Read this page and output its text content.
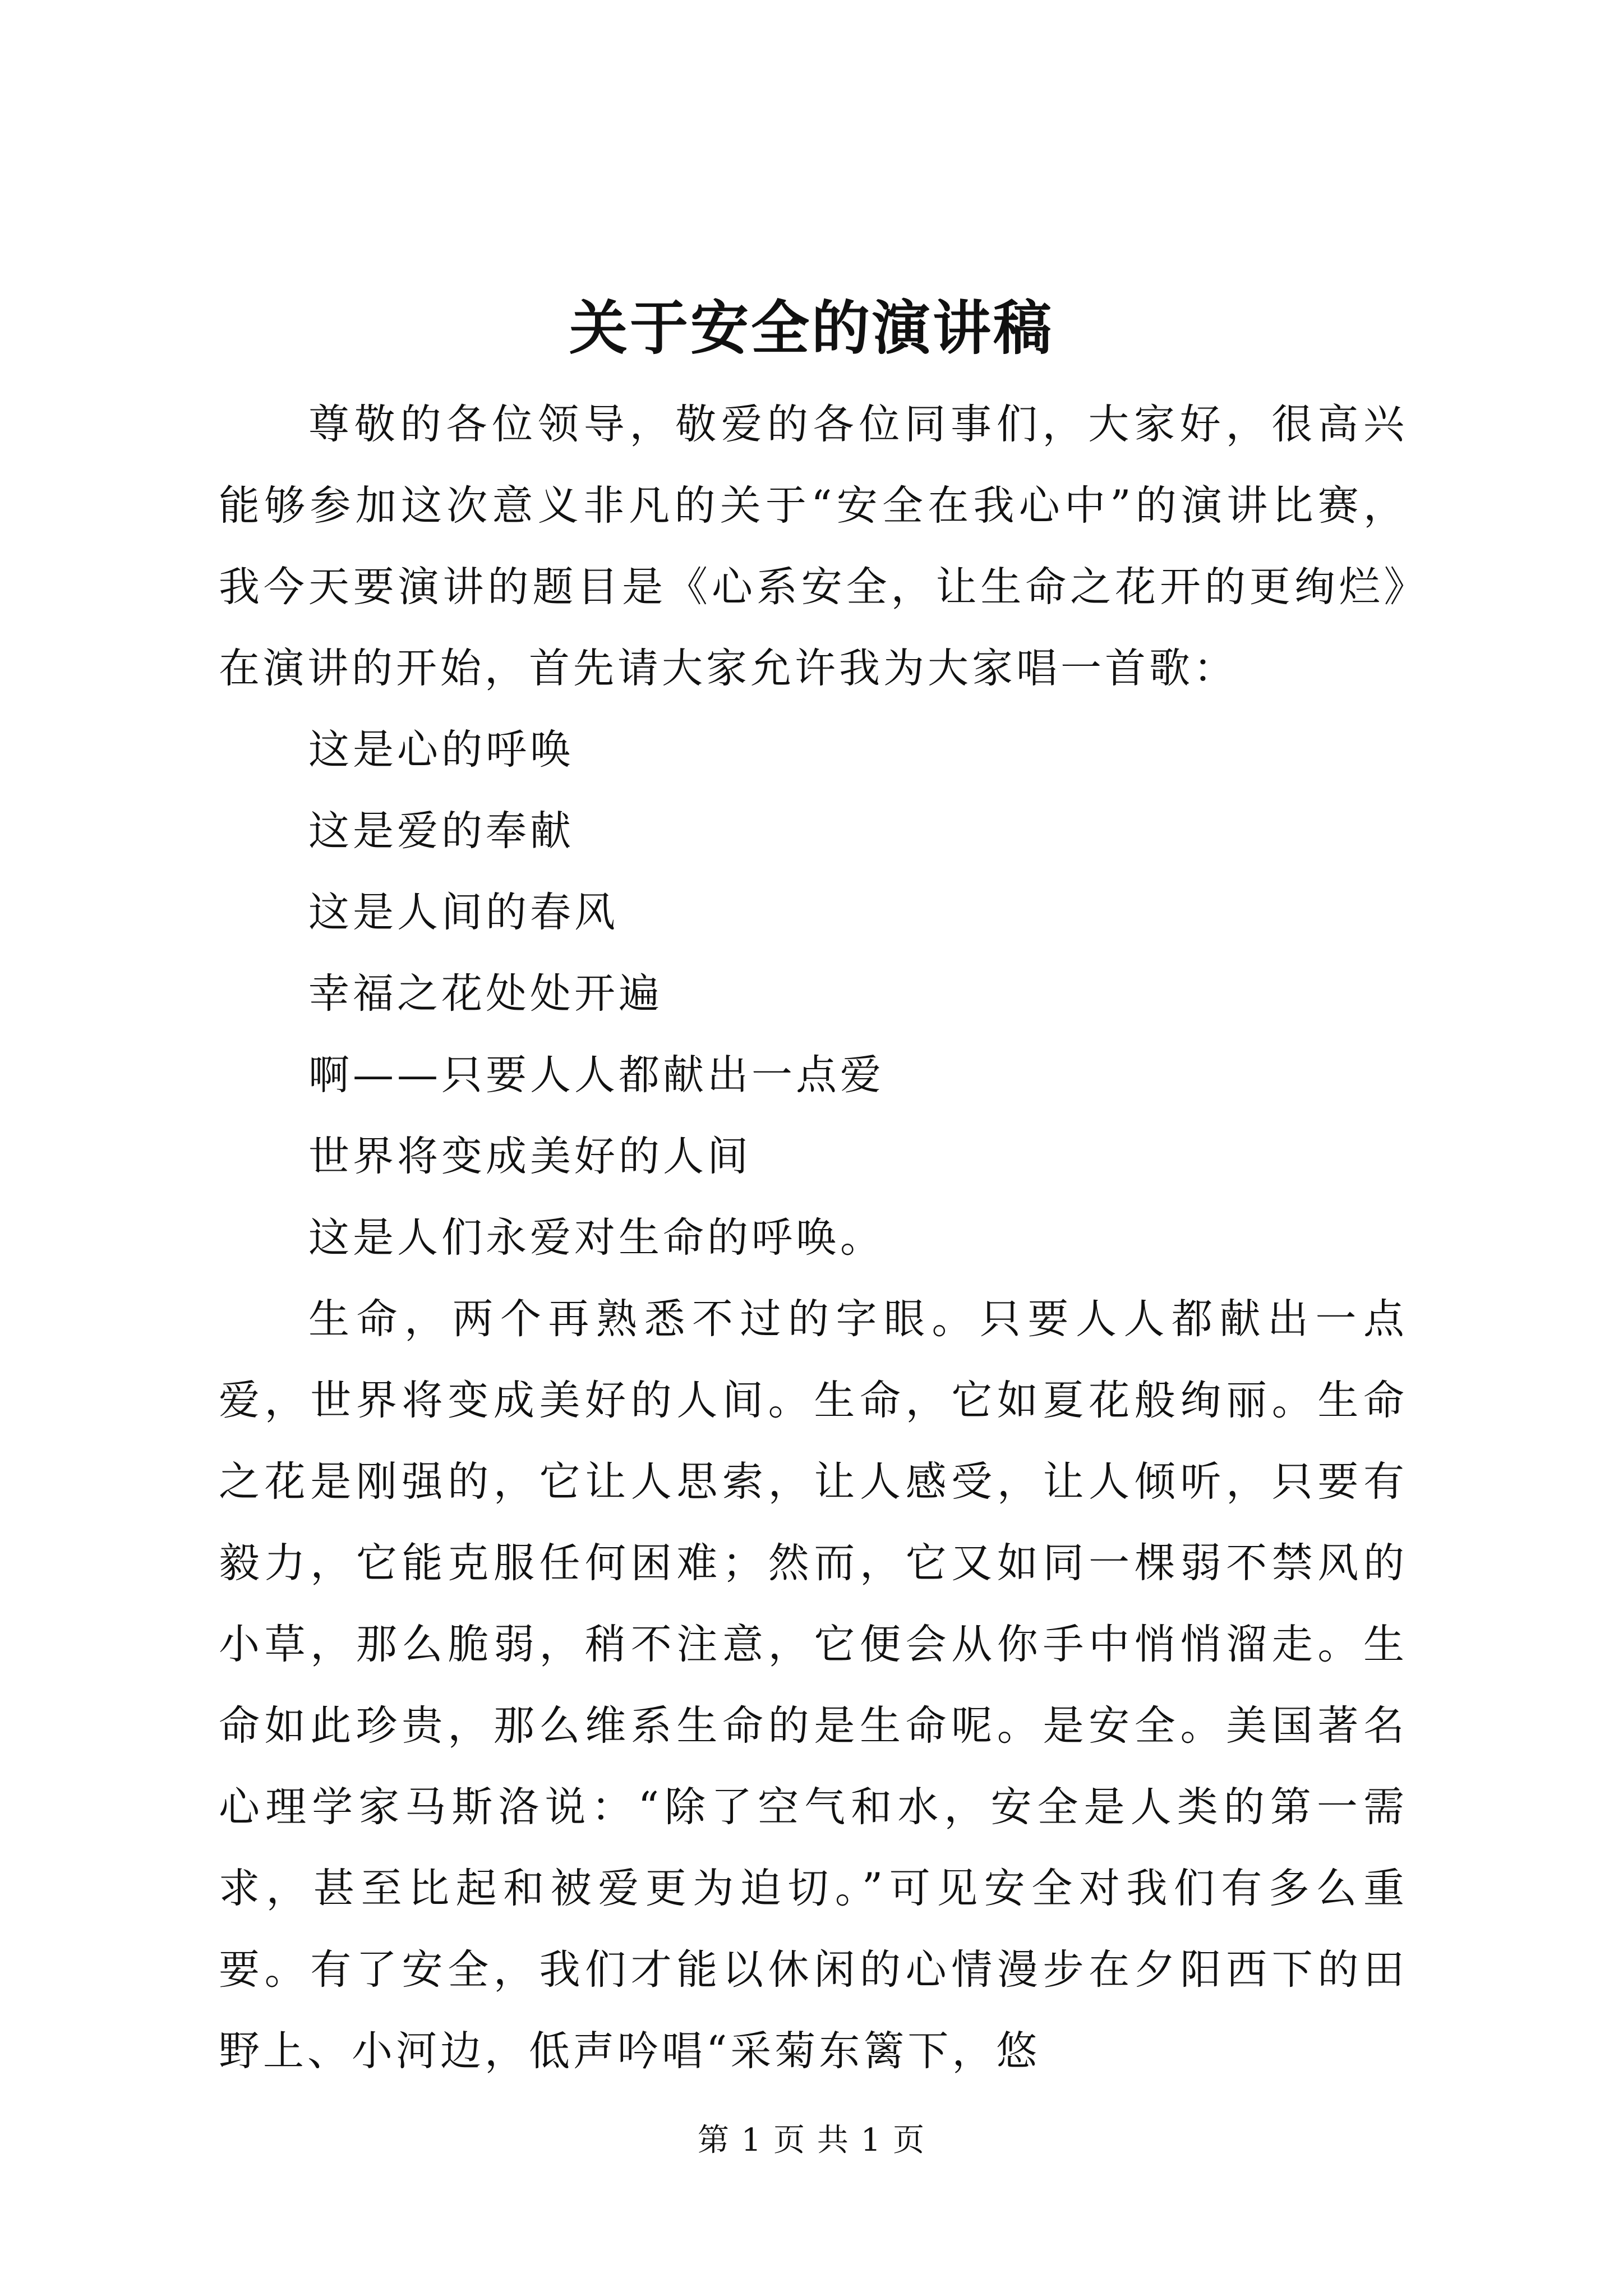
关于安全的演讲稿

尊敬的各位领导，敬爱的各位同事们，大家好，很高兴能够参加这次意义非凡的关于“安全在我心中”的演讲比赛，我今天要演讲的题目是《心系安全，让生命之花开的更绚烂》在演讲的开始，首先请大家允许我为大家唱一首歌：

这是心的呼唤

这是爱的奉献

这是人间的春风

幸福之花处处开遍

啊——只要人人都献出一点爱

世界将变成美好的人间

这是人们永爱对生命的呼唤。

生命，两个再熟悉不过的字眼。只要人人都献出一点爱，世界将变成美好的人间。生命，它如夏花般绚丽。生命之花是刚强的，它让人思索，让人感受，让人倾听，只要有毅力，它能克服任何困难；然而，它又如同一棵弱不禁风的小草，那么脆弱，稍不注意，它便会从你手中悄悄溜走。生命如此珍贵，那么维系生命的是生命呢。是安全。美国著名心理学家马斯洛说：“除了空气和水，安全是人类的第一需求，甚至比起和被爱更为迫切。”可见安全对我们有多么重要。有了安全，我们才能以休闲的心情漫步在夕阳西下的田野上、小河边，低声吟唱“采菊东篱下，悠

第 1 页 共 1 页
